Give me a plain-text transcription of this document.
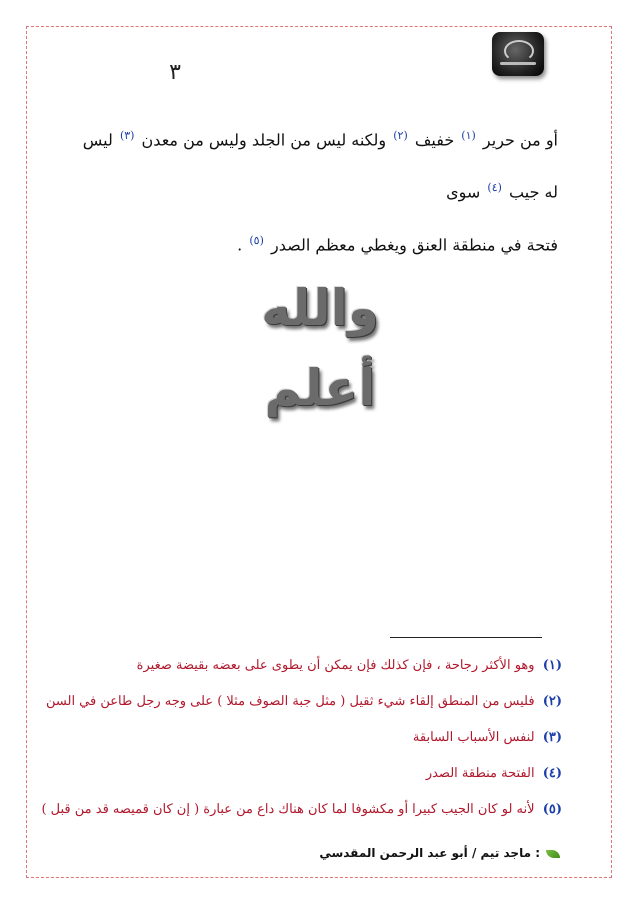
٣

أو من حرير $^{(١)}$ خفيف $^{(٢)}$ ولكنه ليس من الجلد وليس من معدن $^{(٣)}$ ليس له جيب $^{(٤)}$ سوى

فتحة في منطقة العنق ويغطي معظم الصدر $^{(٥)}$ .

والله أعلم
(١) وهو الأكثر رجاحة ، فإن كذلك فإن يمكن أن يطوى على بعضه بقيضة صغيرة
(٢) فليس من المنطق إلقاء شيء ثقيل ( مثل جبة الصوف مثلا ) على وجه رجل طاعن في السن
(٣) لنفس الأسباب السابقة
(٤) الفتحة منطقة الصدر
(٥) لأنه لو كان الجيب كبيرا أو مكشوفا لما كان هناك داع من عبارة ( إن كان قميصه قد من قبل )
: ماجد تيم / أبو عبد الرحمن المقدسي
